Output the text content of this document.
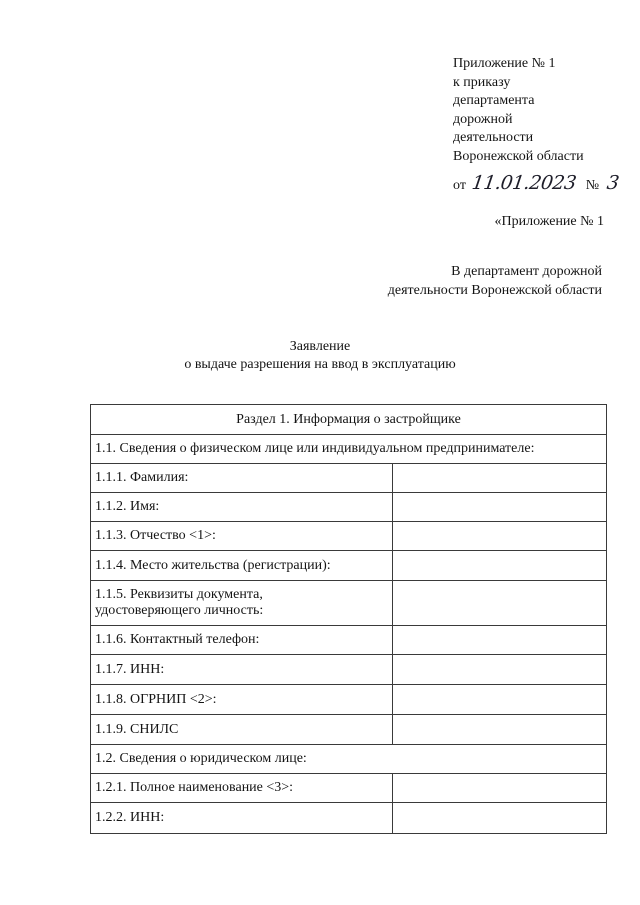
Приложение № 1
к приказу
департамента
дорожной
деятельности
Воронежской области
от 11.01.2023 № 3
«Приложение № 1
В департамент дорожной
деятельности Воронежской области
Заявление
о выдаче разрешения на ввод в эксплуатацию
Раздел 1. Информация о застройщике	
1.1. Сведения о физическом лице или индивидуальном предпринимателе:	
1.1.1. Фамилия:	
1.1.2. Имя:	
1.1.3. Отчество <1>:	
1.1.4. Место жительства (регистрации):	

1.1.5. Реквизиты документа,
удостоверяющего личность:	

1.1.6. Контактный телефон:	
1.1.7. ИНН:	
1.1.8. ОГРНИП <2>:	
1.1.9. СНИЛС	
1.2. Сведения о юридическом лице:	
1.2.1. Полное наименование <3>:	
1.2.2. ИНН:	
